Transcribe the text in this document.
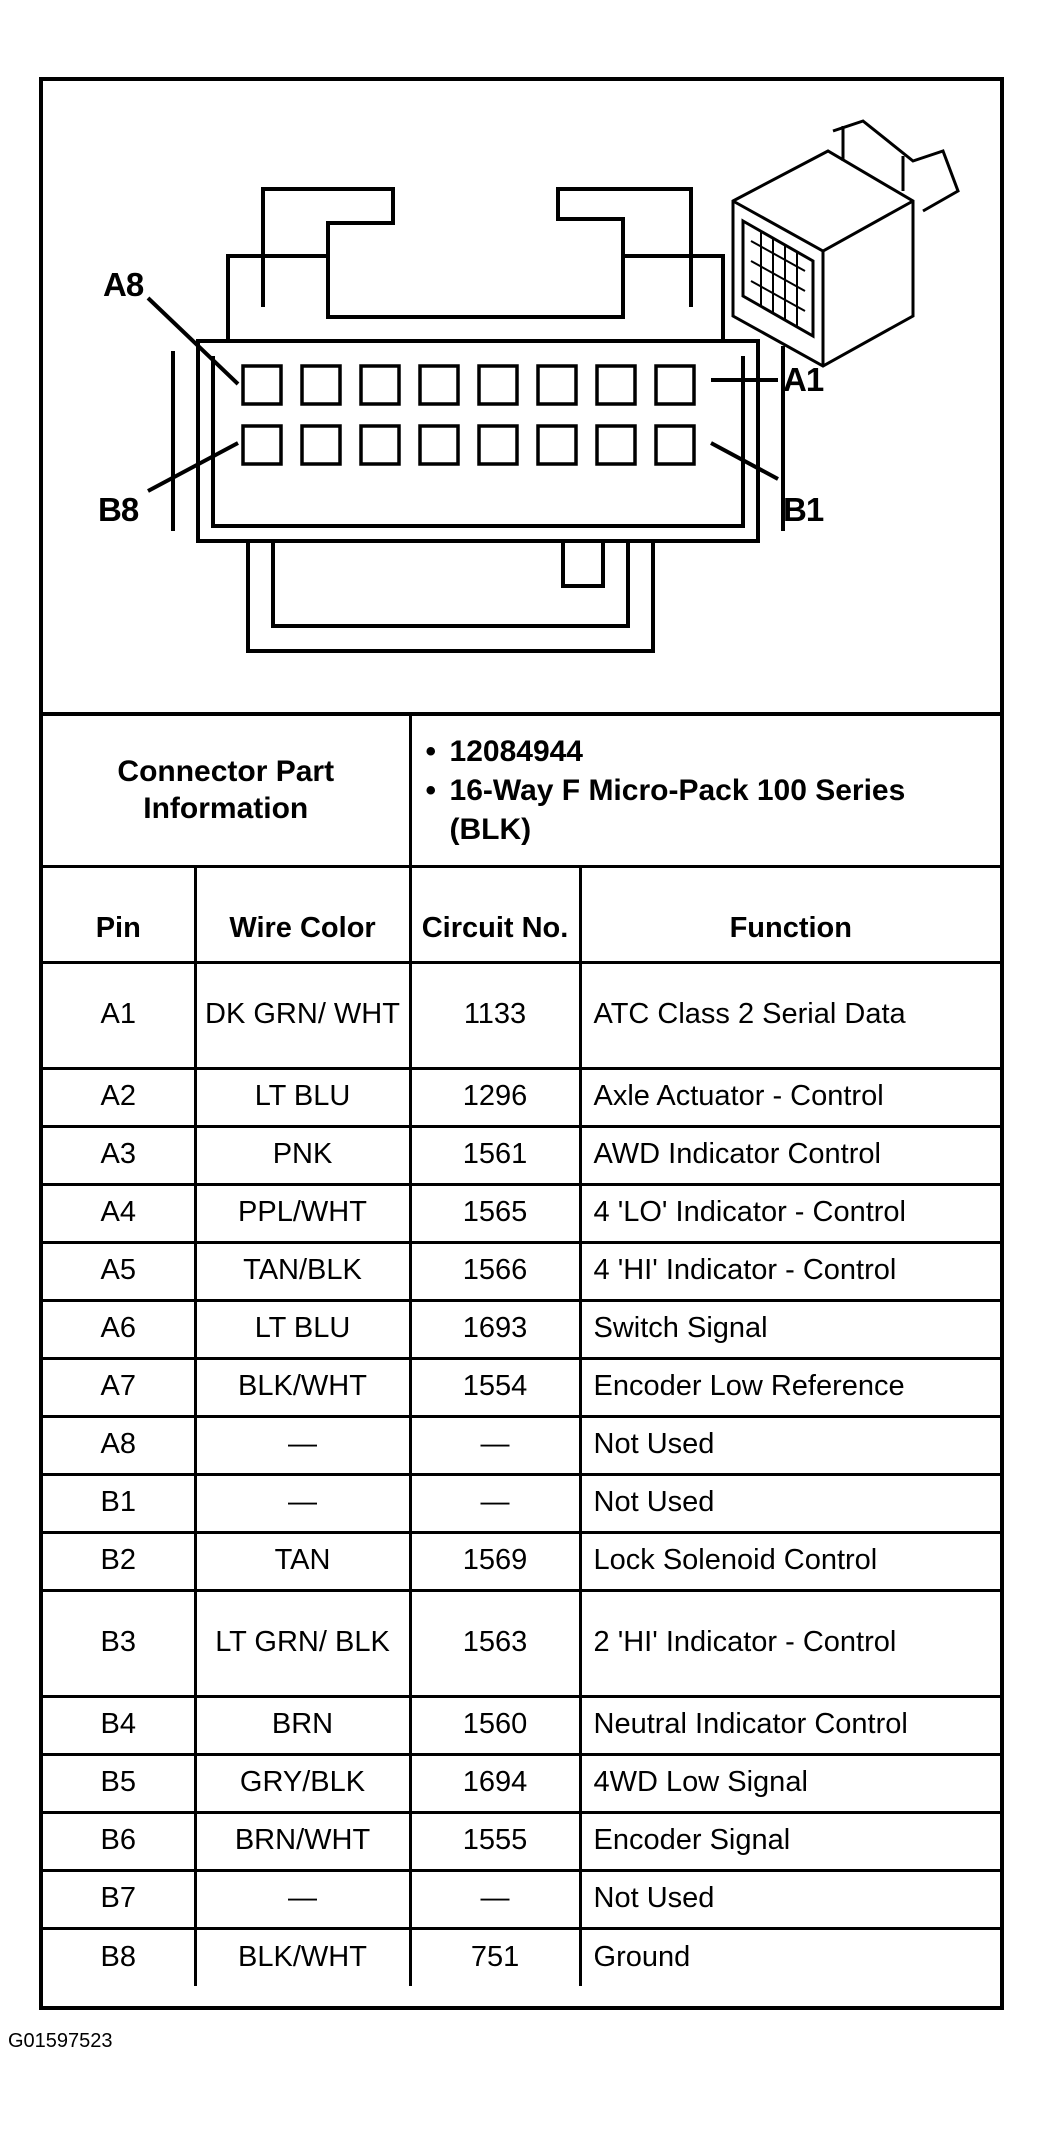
A8
A1
B8	B1
Connector Part Information		• 12084944
• 16-Way F Micro-Pack 100 Series (BLK)	

Pin	Wire Color	Circuit No.	Function
A1	DK GRN/ WHT	1133	ATC Class 2 Serial Data
A2	LT BLU	1296	Axle Actuator - Control
A3	PNK	1561	AWD Indicator Control
A4	PPL/WHT	1565	4 'LO' Indicator - Control
A5	TAN/BLK	1566	4 'HI' Indicator - Control
A6	LT BLU	1693	Switch Signal
A7	BLK/WHT	1554	Encoder Low Reference
A8	—	—	Not Used
B1	—	—	Not Used
B2	TAN	1569	Lock Solenoid Control
B3	LT GRN/ BLK	1563	2 'HI' Indicator - Control
B4	BRN	1560	Neutral Indicator Control
B5	GRY/BLK	1694	4WD Low Signal
B6	BRN/WHT	1555	Encoder Signal
B7	—	—	Not Used
B8	BLK/WHT	751	Ground
G01597523
